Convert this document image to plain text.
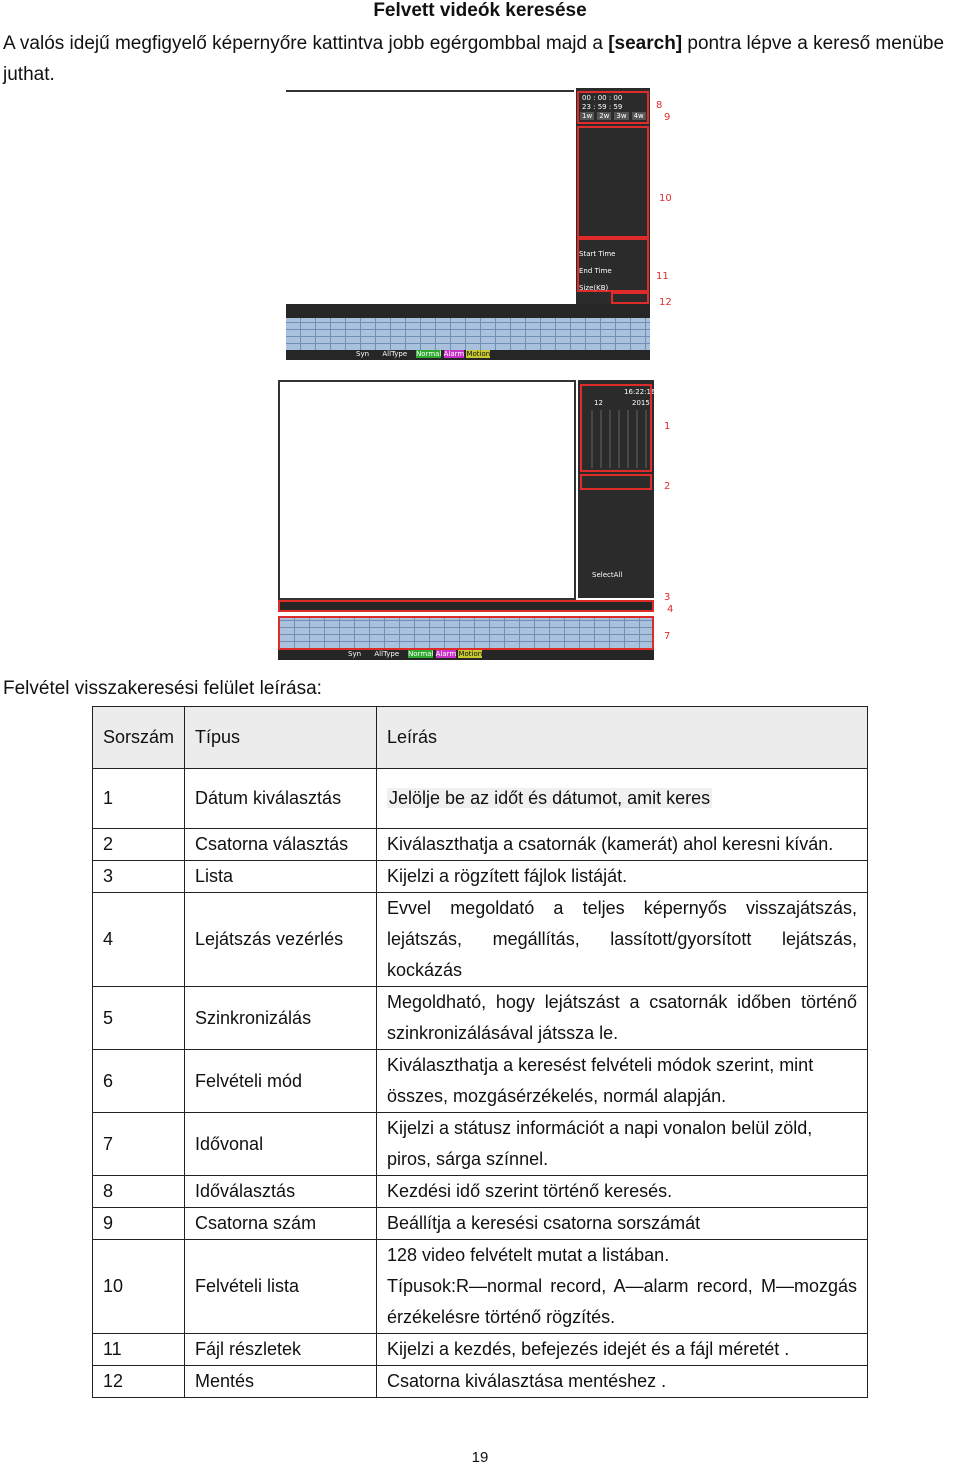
Felvett videók keresése
A valós idejű megfigyelő képernyőre kattintva jobb egérgombbal majd a [search] pontra lépve a kereső menübe juthat.
00 : 00 : 00
23 : 59 : 59
1w 2w 3w 4w
Start Time
End Time
Size(KB)
8
9
10
11
12
Syn AllType Normal Alarm Motion
16:22:16
12	2015
SelectAll
1
2
3
4
7
Syn AllType Normal Alarm Motion
Felvétel visszakeresési felület leírása:
Sorszám	Típus	Leírás
1	Dátum kiválasztás	Jelölje be az időt és dátumot, amit keres
2	Csatorna választás	Kiválaszthatja a csatornák (kamerát) ahol keresni kíván.
3	Lista	Kijelzi a rögzített fájlok listáját.
4	Lejátszás vezérlés	Evvel megoldató a teljes képernyős visszajátszás, lejátszás, megállítás, lassított/gyorsított lejátszás, kockázás
5	Szinkronizálás	Megoldható, hogy lejátszást a csatornák időben történő szinkronizálásával játssza le.
6	Felvételi mód	Kiválaszthatja a keresést felvételi módok szerint, mint összes, mozgásérzékelés, normál alapján.
7	Idővonal	Kijelzi a státusz információt a napi vonalon belül zöld, piros, sárga színnel.
8	Időválasztás	Kezdési idő szerint történő keresés.
9	Csatorna szám	Beállítja a keresési csatorna sorszámát
10	Felvételi lista	128 video felvételt mutat a listában.
Típusok:R—normal record, A—alarm record, M—mozgás érzékelésre történő rögzítés.

11	Fájl részletek	Kijelzi a kezdés, befejezés idejét és a fájl méretét .
12	Mentés	Csatorna kiválasztása mentéshez .
19
